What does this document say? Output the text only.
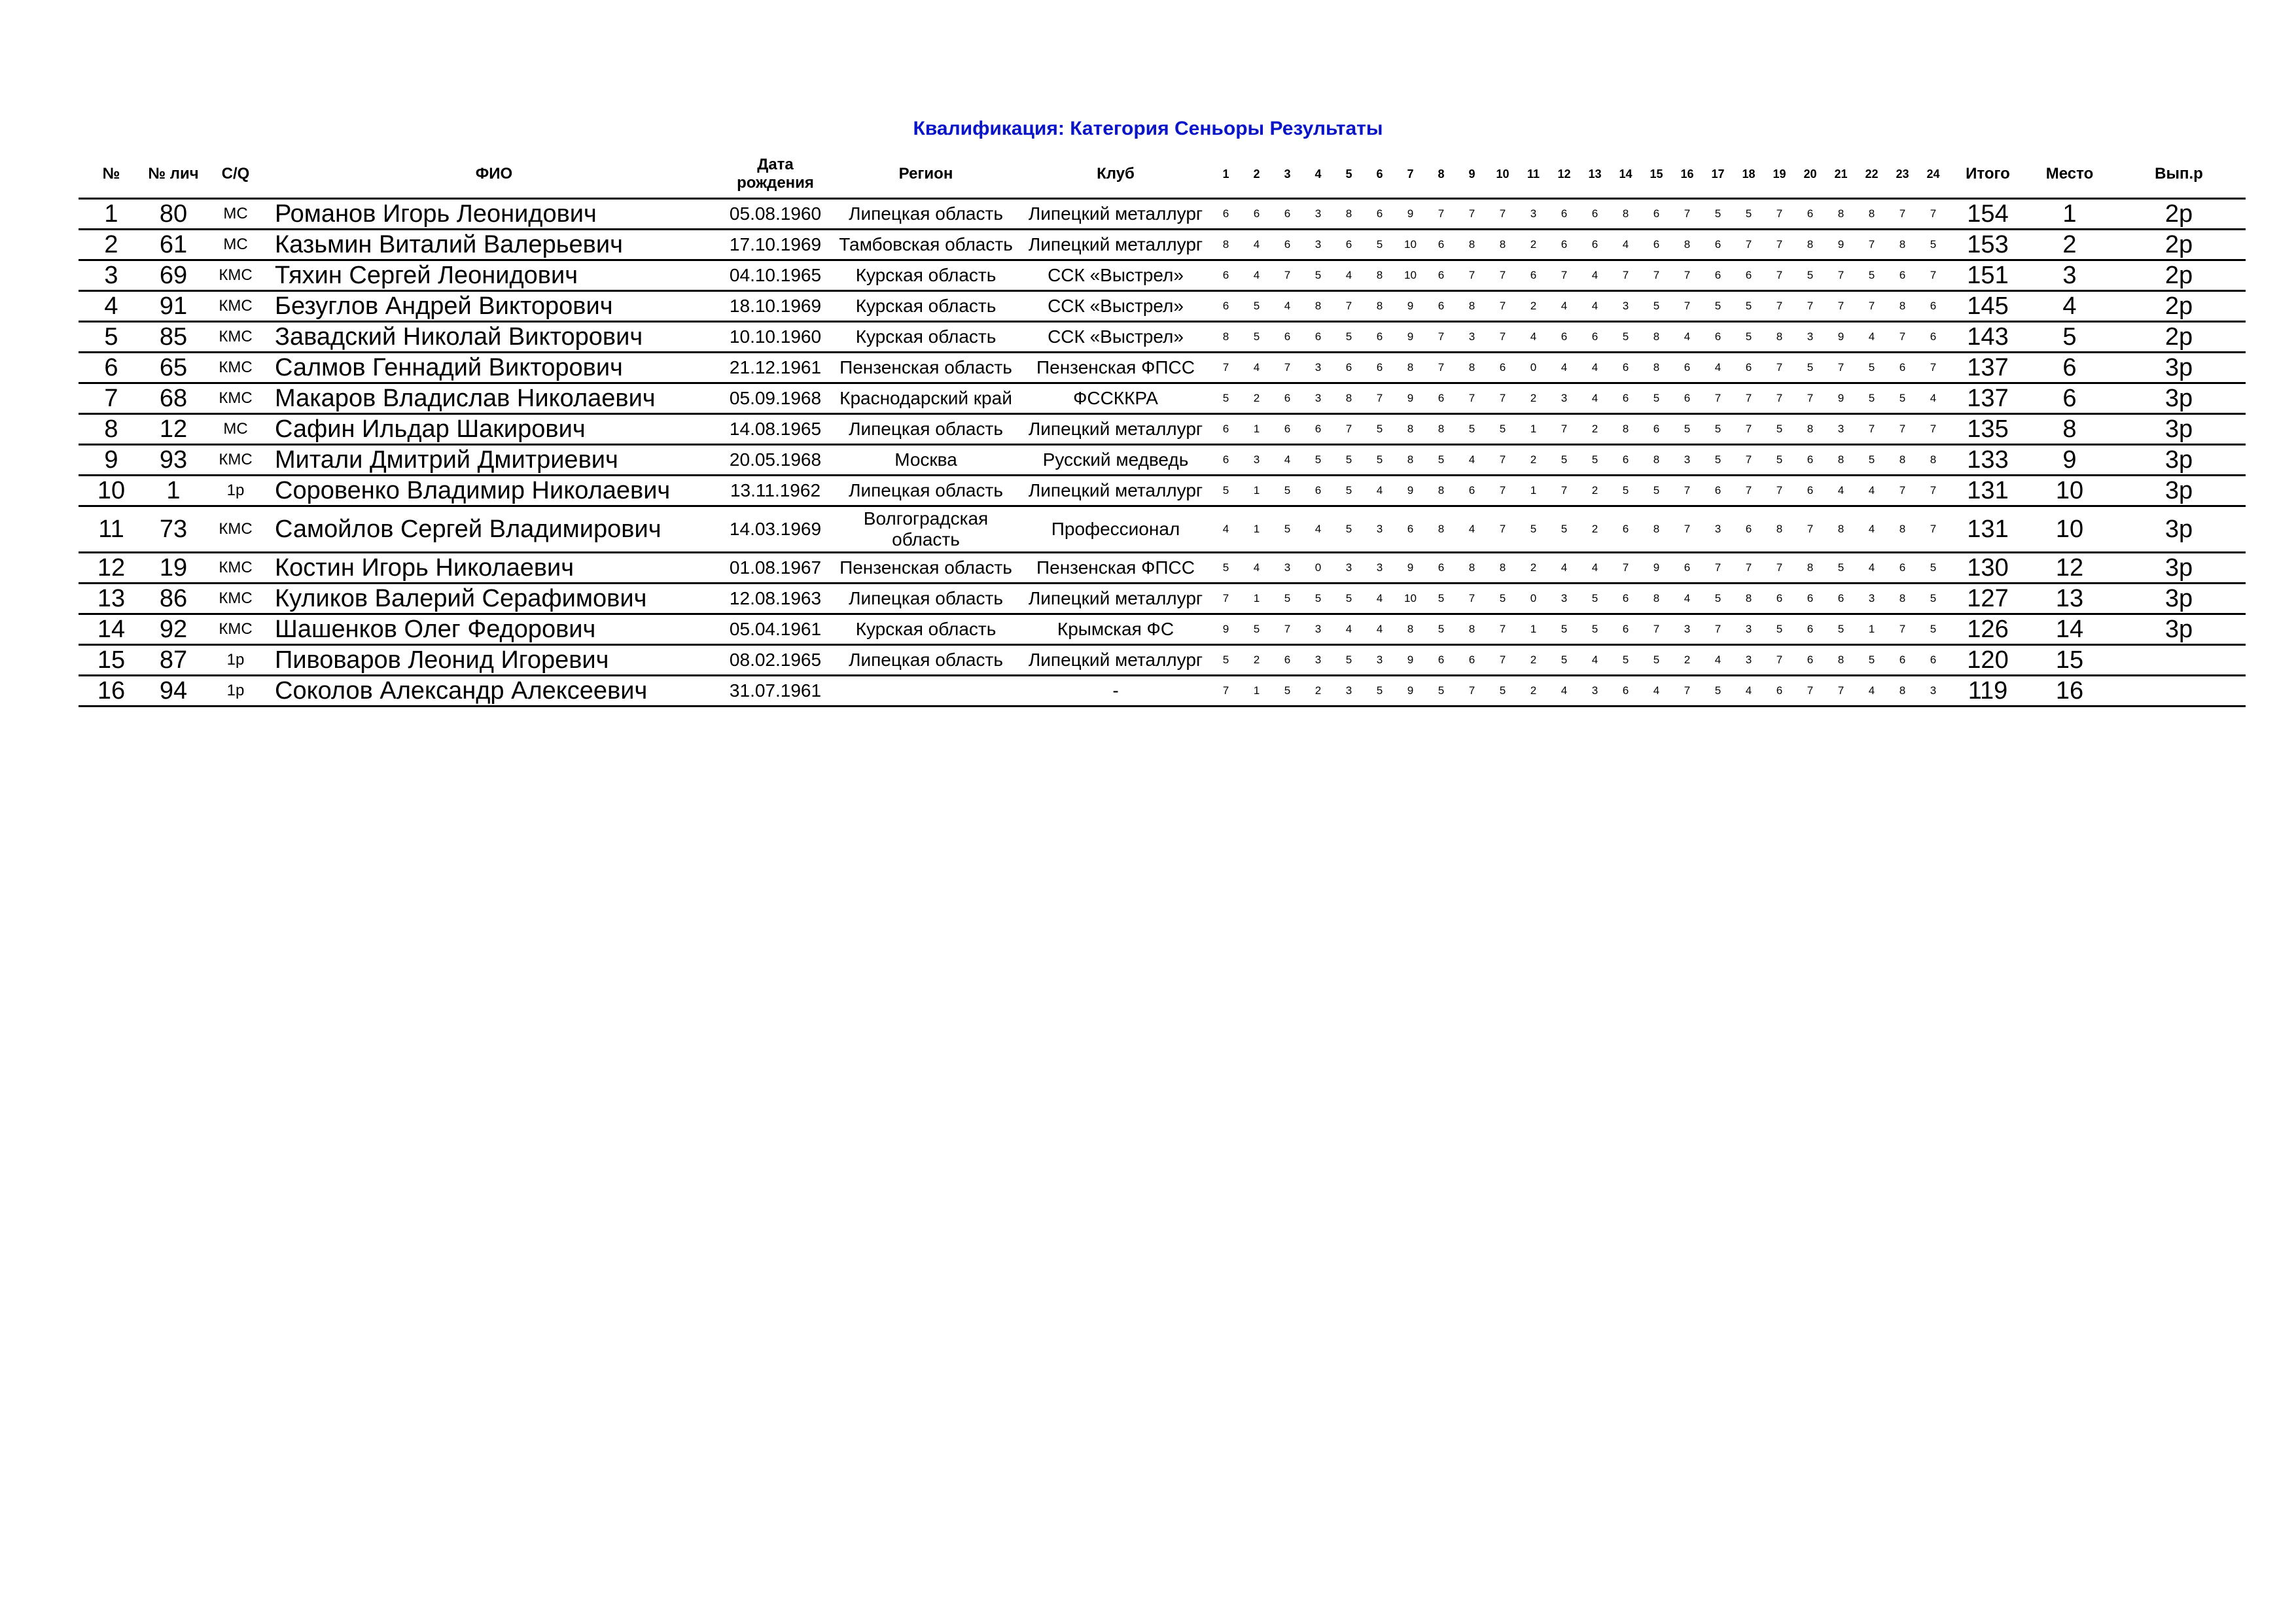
Квалификация: Категория Сеньоры Результаты
№	№ лич	С/Q	ФИО	Дата рождения	Регион	Клуб	1	2	3	4	5	6	7	8	9	10	11	12	13	14	15	16	17	18	19	20	21	22	23	24	Итого	Место	Вып.р
1	80	МС	Романов Игорь Леонидович	05.08.1960	Липецкая область	Липецкий металлург	6	6	6	3	8	6	9	7	7	7	3	6	6	8	6	7	5	5	7	6	8	8	7	7	154	1	2р
2	61	МС	Казьмин Виталий Валерьевич	17.10.1969	Тамбовская область	Липецкий металлург	8	4	6	3	6	5	10	6	8	8	2	6	6	4	6	8	6	7	7	8	9	7	8	5	153	2	2р
3	69	КМС	Тяхин Сергей Леонидович	04.10.1965	Курская область	ССК «Выстрел»	6	4	7	5	4	8	10	6	7	7	6	7	4	7	7	7	6	6	7	5	7	5	6	7	151	3	2р
4	91	КМС	Безуглов Андрей Викторович	18.10.1969	Курская область	ССК «Выстрел»	6	5	4	8	7	8	9	6	8	7	2	4	4	3	5	7	5	5	7	7	7	7	8	6	145	4	2р
5	85	КМС	Завадский Николай Викторович	10.10.1960	Курская область	ССК «Выстрел»	8	5	6	6	5	6	9	7	3	7	4	6	6	5	8	4	6	5	8	3	9	4	7	6	143	5	2р
6	65	КМС	Салмов Геннадий Викторович	21.12.1961	Пензенская область	Пензенская ФПСС	7	4	7	3	6	6	8	7	8	6	0	4	4	6	8	6	4	6	7	5	7	5	6	7	137	6	3р
7	68	КМС	Макаров Владислав Николаевич	05.09.1968	Краснодарский край	ФССККРА	5	2	6	3	8	7	9	6	7	7	2	3	4	6	5	6	7	7	7	7	9	5	5	4	137	6	3р
8	12	МС	Сафин Ильдар Шакирович	14.08.1965	Липецкая область	Липецкий металлург	6	1	6	6	7	5	8	8	5	5	1	7	2	8	6	5	5	7	5	8	3	7	7	7	135	8	3р
9	93	КМС	Митали Дмитрий Дмитриевич	20.05.1968	Москва	Русский медведь	6	3	4	5	5	5	8	5	4	7	2	5	5	6	8	3	5	7	5	6	8	5	8	8	133	9	3р
10	1	1р	Соровенко Владимир Николаевич	13.11.1962	Липецкая область	Липецкий металлург	5	1	5	6	5	4	9	8	6	7	1	7	2	5	5	7	6	7	7	6	4	4	7	7	131	10	3р
11	73	КМС	Самойлов Сергей Владимирович	14.03.1969	Волгоградская область	Профессионал	4	1	5	4	5	3	6	8	4	7	5	5	2	6	8	7	3	6	8	7	8	4	8	7	131	10	3р
12	19	КМС	Костин Игорь Николаевич	01.08.1967	Пензенская область	Пензенская ФПСС	5	4	3	0	3	3	9	6	8	8	2	4	4	7	9	6	7	7	7	8	5	4	6	5	130	12	3р
13	86	КМС	Куликов Валерий Серафимович	12.08.1963	Липецкая область	Липецкий металлург	7	1	5	5	5	4	10	5	7	5	0	3	5	6	8	4	5	8	6	6	6	3	8	5	127	13	3р
14	92	КМС	Шашенков Олег Федорович	05.04.1961	Курская область	Крымская ФС	9	5	7	3	4	4	8	5	8	7	1	5	5	6	7	3	7	3	5	6	5	1	7	5	126	14	3р
15	87	1р	Пивоваров Леонид Игоревич	08.02.1965	Липецкая область	Липецкий металлург	5	2	6	3	5	3	9	6	6	7	2	5	4	5	5	2	4	3	7	6	8	5	6	6	120	15	
16	94	1р	Соколов Александр Алексеевич	31.07.1961		-	7	1	5	2	3	5	9	5	7	5	2	4	3	6	4	7	5	4	6	7	7	4	8	3	119	16	
